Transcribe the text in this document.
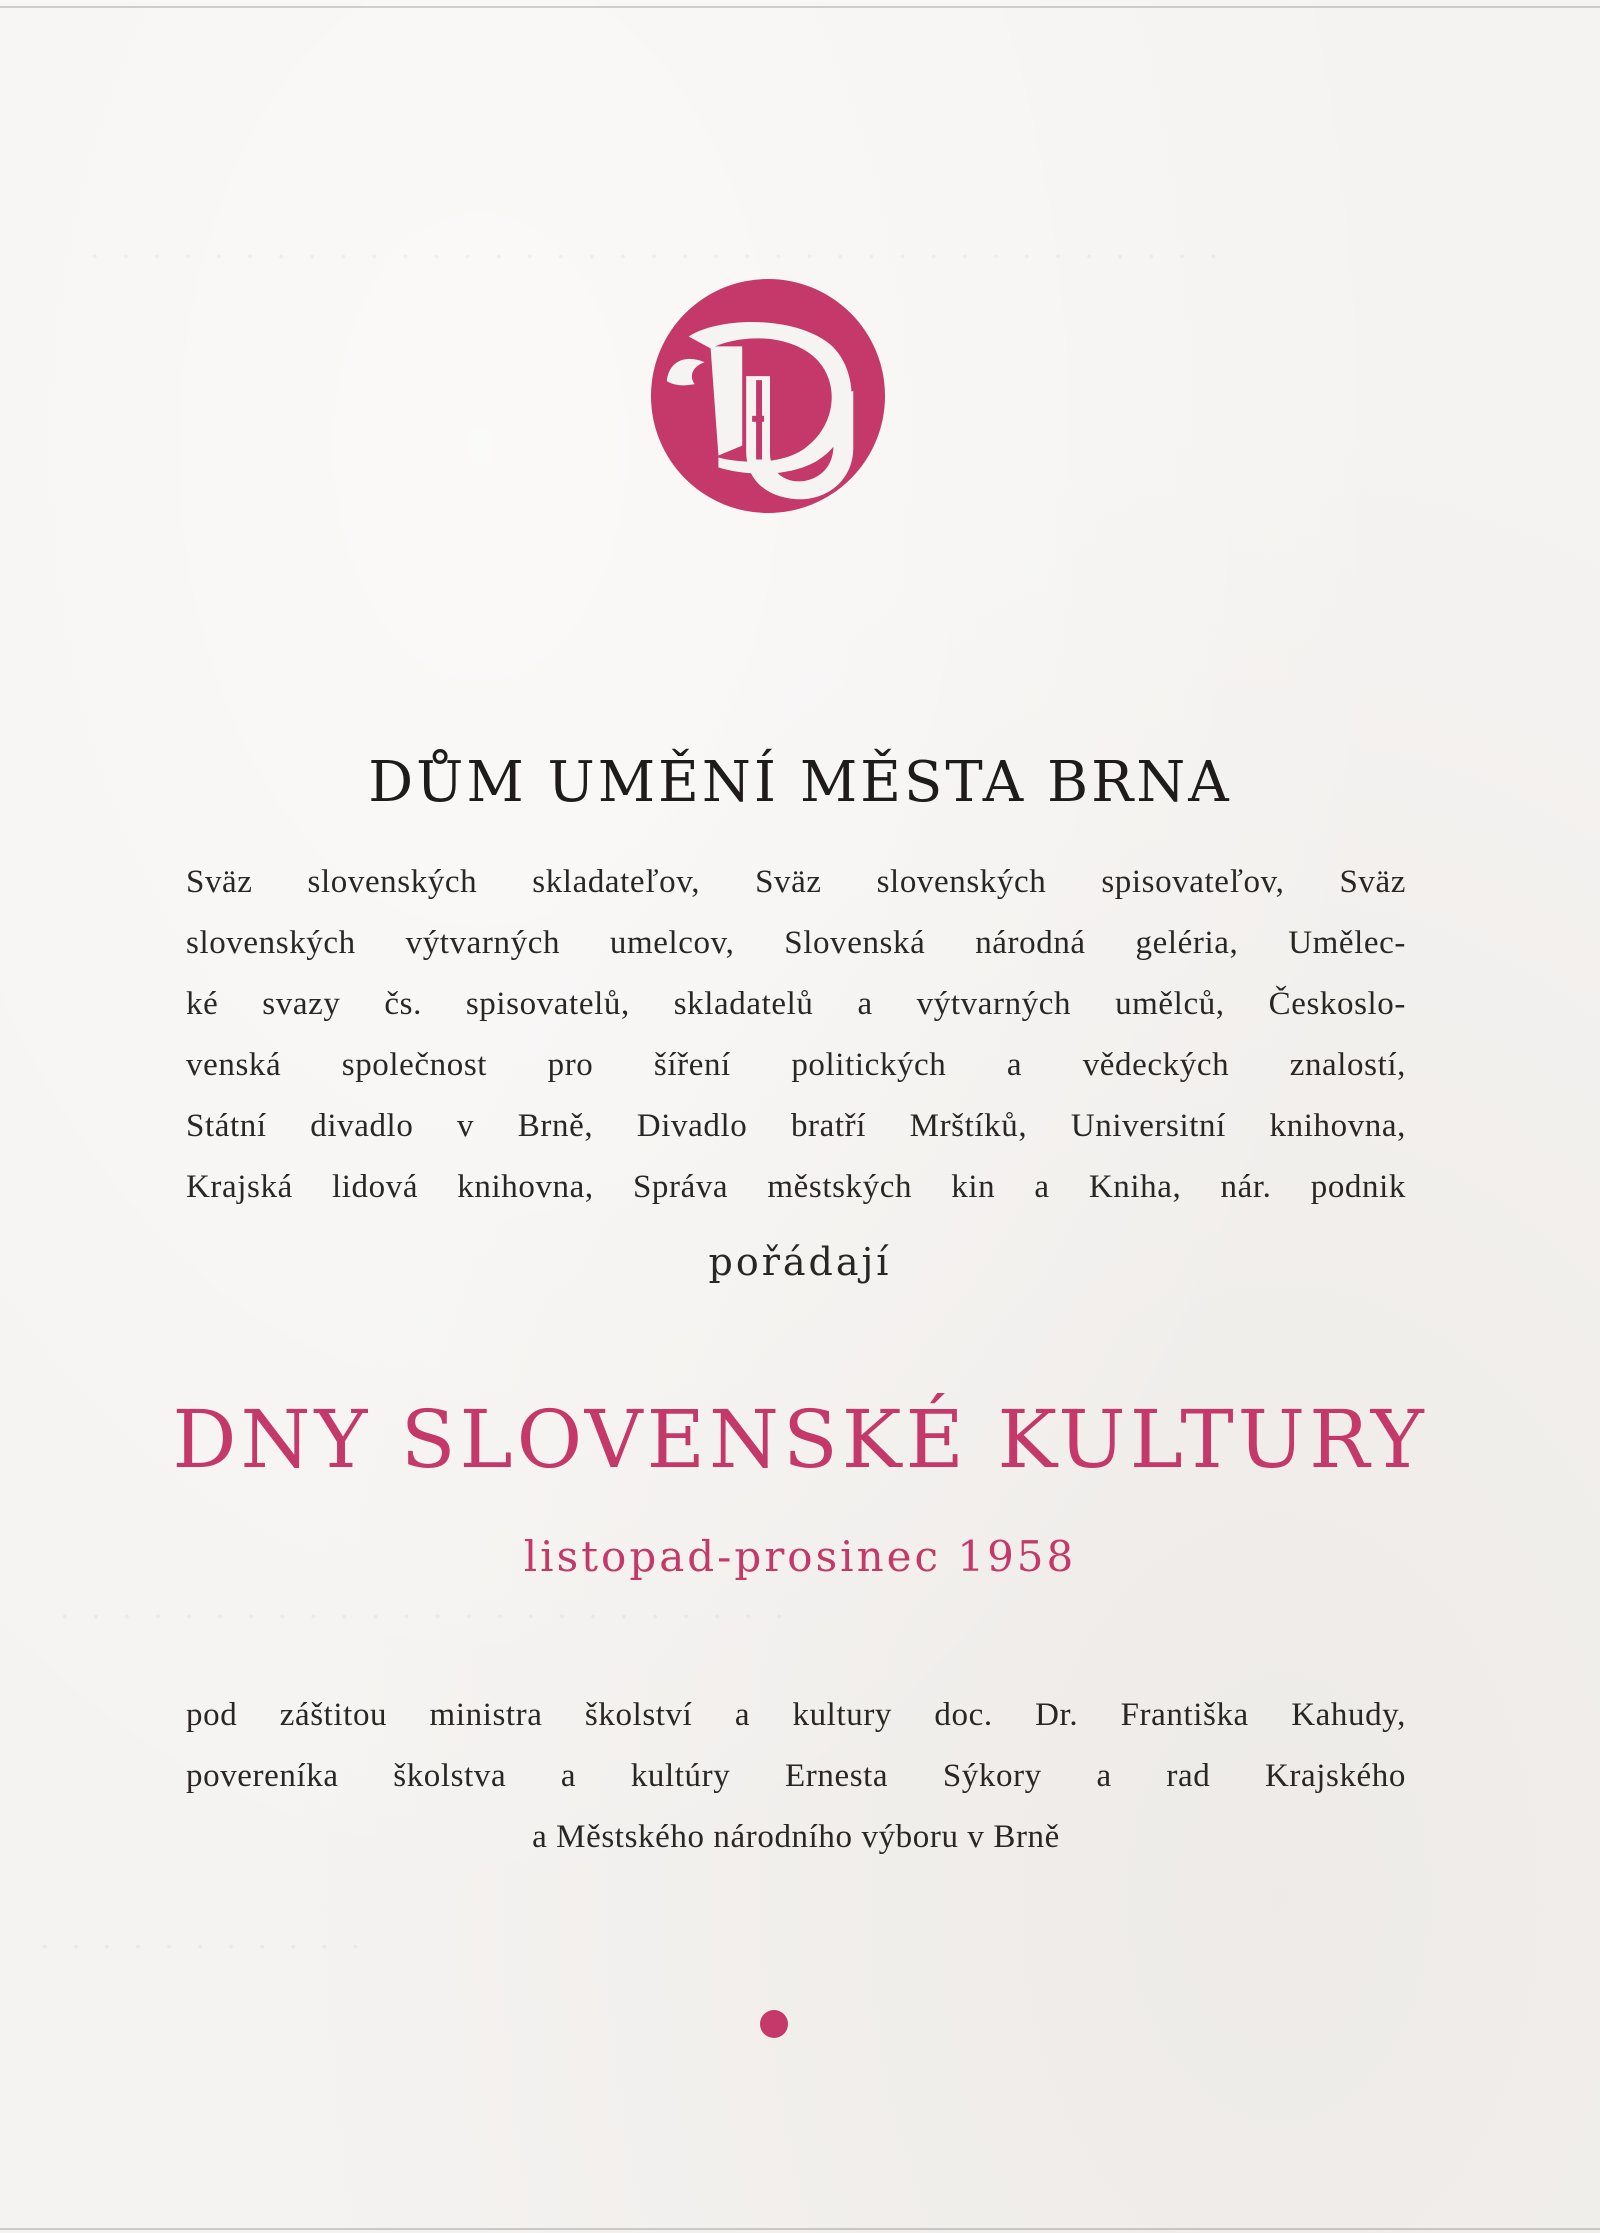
· · · · · · · · · · · · · · · · · · · · · · · · · · · · · · · · · · · · ·
· · · · · · · · · · · · · · · · · · · · · · · ·
· · · · · · · · · · ·
DŮM UMĚNÍ MĚSTA BRNA
Sväz slovenských skladateľov, Sväz slovenských spisovateľov, Sväz
slovenských výtvarných umelcov, Slovenská národná geléria, Umělec-
ké svazy čs. spisovatelů, skladatelů a výtvarných umělců, Českoslo-
venská společnost pro šíření politických a vědeckých znalostí,
Státní divadlo v Brně, Divadlo bratří Mrštíků, Universitní knihovna,
Krajská lidová knihovna, Správa městských kin a Kniha, nár. podnik
pořádají
DNY SLOVENSKÉ KULTURY
listopad-prosinec 1958
pod záštitou ministra školství a kultury doc. Dr. Františka Kahudy,
povereníka školstva a kultúry Ernesta Sýkory a rad Krajského
a Městského národního výboru v Brně
